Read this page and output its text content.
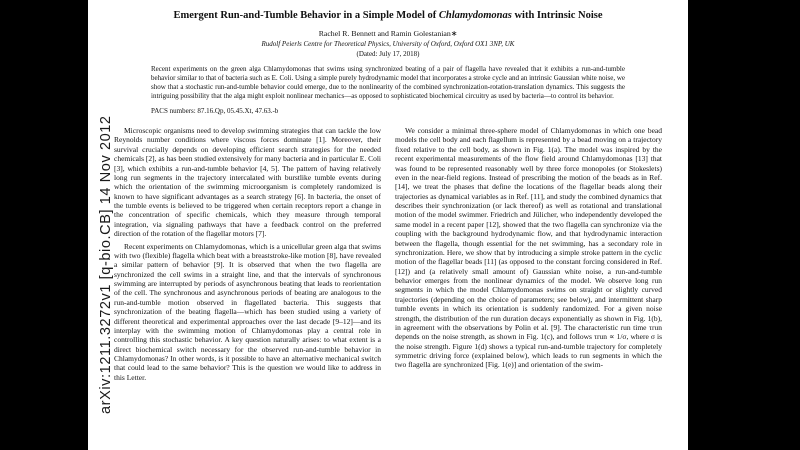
arXiv:1211.3272v1 [q-bio.CB] 14 Nov 2012
Emergent Run-and-Tumble Behavior in a Simple Model of Chlamydomonas with Intrinsic Noise
Rachel R. Bennett and Ramin Golestanian∗
Rudolf Peierls Centre for Theoretical Physics, University of Oxford, Oxford OX1 3NP, UK
(Dated: July 17, 2018)
Recent experiments on the green alga Chlamydomonas that swims using synchronized beating of a pair of flagella have revealed that it exhibits a run-and-tumble behavior similar to that of bacteria such as E. Coli. Using a simple purely hydrodynamic model that incorporates a stroke cycle and an intrinsic Gaussian white noise, we show that a stochastic run-and-tumble behavior could emerge, due to the nonlinearity of the combined synchronization-rotation-translation dynamics. This suggests the intriguing possibility that the alga might exploit nonlinear mechanics—as opposed to sophisticated biochemical circuitry as used by bacteria—to control its behavior.
PACS numbers: 87.16.Qp, 05.45.Xt, 47.63.-b

Microscopic organisms need to develop swimming strategies that can tackle the low Reynolds number conditions where viscous forces dominate [1]. Moreover, their survival crucially depends on developing efficient search strategies for the needed chemicals [2], as has been studied extensively for many bacteria and in particular E. Coli [3], which exhibits a run-and-tumble behavior [4, 5]. The pattern of having relatively long run segments in the trajectory intercalated with burstlike tumble events during which the orientation of the swimming microorganism is completely randomized is known to have significant advantages as a search strategy [6]. In bacteria, the onset of the tumble events is believed to be triggered when certain receptors report a change in the concentration of specific chemicals, which they measure through temporal integration, via signaling pathways that have a feedback control on the preferred direction of the rotation of the flagellar motors [7].

Recent experiments on Chlamydomonas, which is a unicellular green alga that swims with two (flexible) flagella which beat with a breaststroke-like motion [8], have revealed a similar pattern of behavior [9]. It is observed that when the two flagella are synchronized the cell swims in a straight line, and that the intervals of synchronous swimming are interrupted by periods of asynchronous beating that leads to reorientation of the cell. The synchronous and asynchronous periods of beating are analogous to the run-and-tumble motion observed in flagellated bacteria. This suggests that synchronization of the beating flagella—which has been studied using a variety of different theoretical and experimental approaches over the last decade [9–12]—and its interplay with the swimming motion of Chlamydomonas play a central role in controlling this stochastic behavior. A key question naturally arises: to what extent is a direct biochemical switch necessary for the observed run-and-tumble behavior in Chlamydomonas? In other words, is it possible to have an alternative mechanical switch that could lead to the same behavior? This is the question we would like to address in this Letter.

We consider a minimal three-sphere model of Chlamydomonas in which one bead models the cell body and each flagellum is represented by a bead moving on a trajectory fixed relative to the cell body, as shown in Fig. 1(a). The model was inspired by the recent experimental measurements of the flow field around Chlamydomonas [13] that was found to be represented reasonably well by three force monopoles (or Stokeslets) even in the near-field regions. Instead of prescribing the motion of the beads as in Ref. [14], we treat the phases that define the locations of the flagellar beads along their trajectories as dynamical variables as in Ref. [11], and study the combined dynamics that describes their synchronization (or lack thereof) as well as rotational and translational motion of the model swimmer. Friedrich and Jülicher, who independently developed the same model in a recent paper [12], showed that the two flagella can synchronize via the coupling with the background hydrodynamic flow, and that hydrodynamic interaction between the flagella, though essential for the net swimming, has a secondary role in synchronization. Here, we show that by introducing a simple stroke pattern in the cyclic motion of the flagellar beads [11] (as opposed to the constant forcing considered in Ref. [12]) and (a relatively small amount of) Gaussian white noise, a run-and-tumble behavior emerges from the nonlinear dynamics of the model. We observe long run segments in which the model Chlamydomonas swims on straight or slightly curved trajectories (depending on the choice of parameters; see below), and intermittent sharp tumble events in which its orientation is suddenly randomized. For a given noise strength, the distribution of the run duration decays exponentially as shown in Fig. 1(b), in agreement with the observations by Polin et al. [9]. The characteristic run time τrun depends on the noise strength, as shown in Fig. 1(c), and follows τrun ∝ 1/σ, where σ is the noise strength. Figure 1(d) shows a typical run-and-tumble trajectory for completely symmetric driving force (explained below), which leads to run segments in which the two flagella are synchronized [Fig. 1(e)] and orientation of the swim-
